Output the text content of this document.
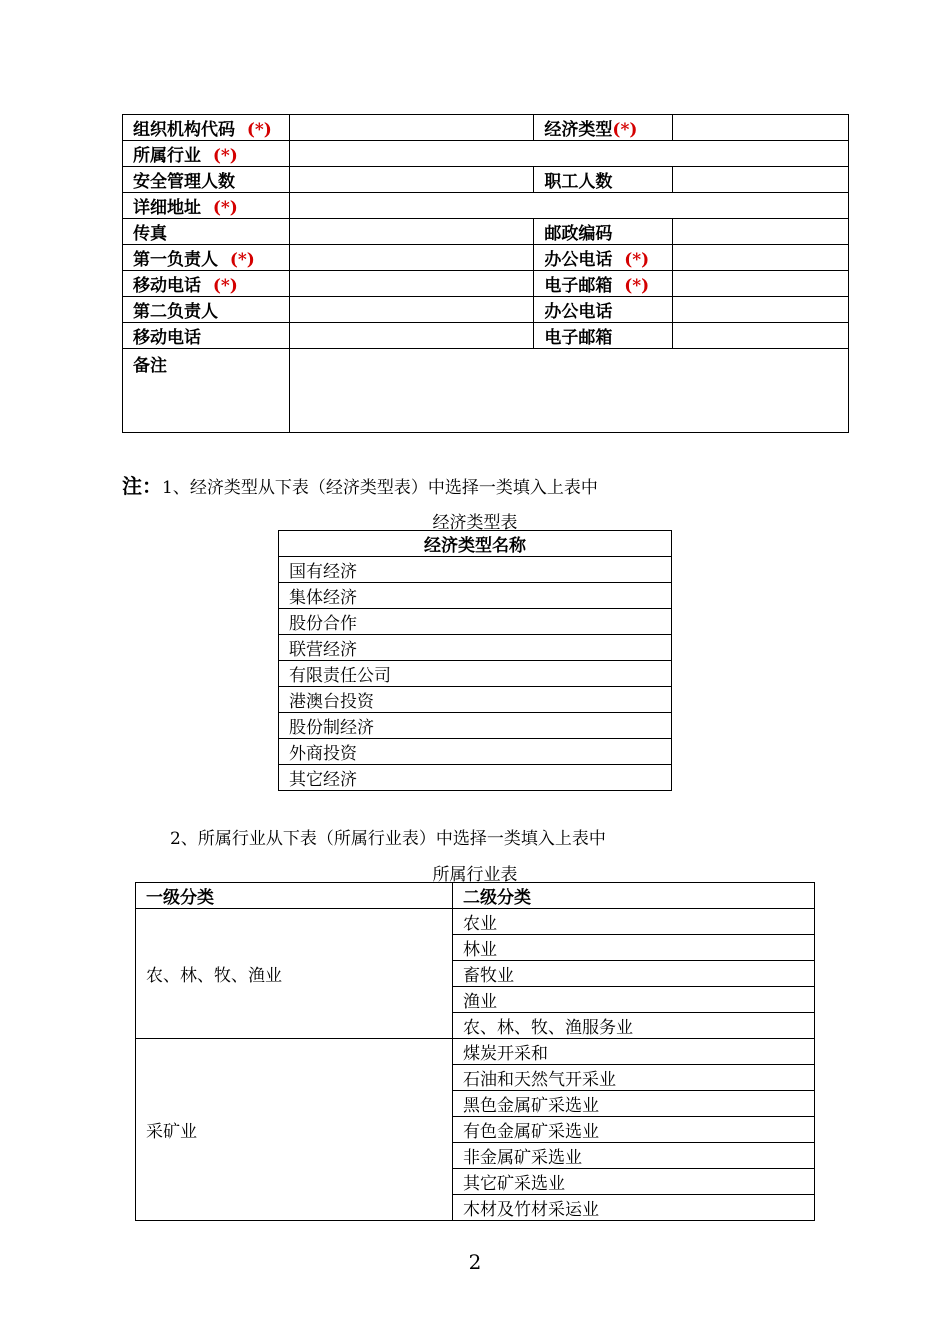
组织机构代码 (*)		经济类型(*)	
所属行业 (*)			
安全管理人数		职工人数	
详细地址 (*)			
传真		邮政编码	
第一负责人 (*)		办公电话 (*)	
移动电话 (*)		电子邮箱 (*)	
第二负责人		办公电话	
移动电话		电子邮箱	
备注			
注：1、经济类型从下表（经济类型表）中选择一类填入上表中
经济类型表
经济类型名称
国有经济
集体经济
股份合作
联营经济
有限责任公司
港澳台投资
股份制经济
外商投资
其它经济
2、所属行业从下表（所属行业表）中选择一类填入上表中
所属行业表
一级分类	二级分类
农、林、牧、渔业	农业
	林业
	畜牧业
	渔业
	农、林、牧、渔服务业
采矿业	煤炭开采和
	石油和天然气开采业
	黑色金属矿采选业
	有色金属矿采选业
	非金属矿采选业
	其它矿采选业
	木材及竹材采运业
2
